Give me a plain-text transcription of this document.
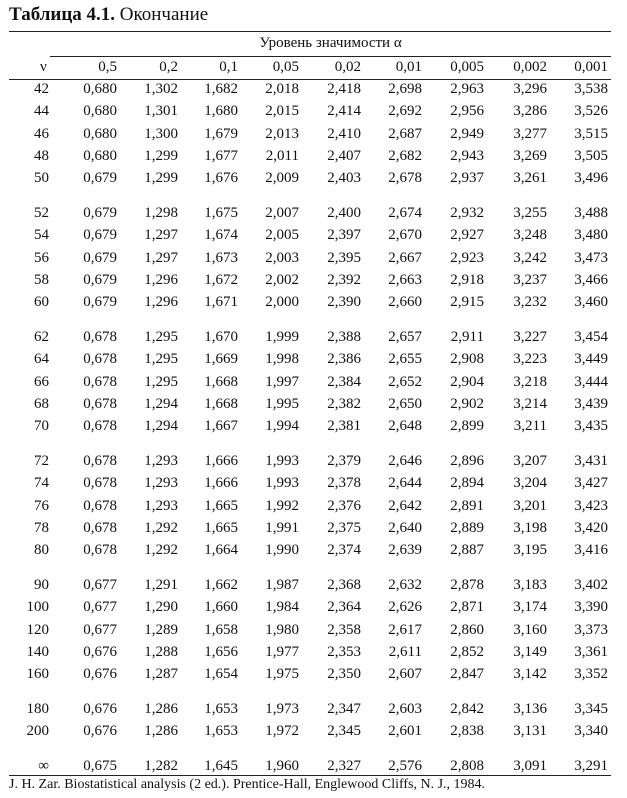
Таблица 4.1. Окончание
Уровень значимости α
ν	0,5	0,2	0,1	0,05	0,02	0,01	0,005	0,002	0,001
42	0,680	1,302	1,682	2,018	2,418	2,698	2,963	3,296	3,538
44	0,680	1,301	1,680	2,015	2,414	2,692	2,956	3,286	3,526
46	0,680	1,300	1,679	2,013	2,410	2,687	2,949	3,277	3,515
48	0,680	1,299	1,677	2,011	2,407	2,682	2,943	3,269	3,505
50	0,679	1,299	1,676	2,009	2,403	2,678	2,937	3,261	3,496
52	0,679	1,298	1,675	2,007	2,400	2,674	2,932	3,255	3,488
54	0,679	1,297	1,674	2,005	2,397	2,670	2,927	3,248	3,480
56	0,679	1,297	1,673	2,003	2,395	2,667	2,923	3,242	3,473
58	0,679	1,296	1,672	2,002	2,392	2,663	2,918	3,237	3,466
60	0,679	1,296	1,671	2,000	2,390	2,660	2,915	3,232	3,460
62	0,678	1,295	1,670	1,999	2,388	2,657	2,911	3,227	3,454
64	0,678	1,295	1,669	1,998	2,386	2,655	2,908	3,223	3,449
66	0,678	1,295	1,668	1,997	2,384	2,652	2,904	3,218	3,444
68	0,678	1,294	1,668	1,995	2,382	2,650	2,902	3,214	3,439
70	0,678	1,294	1,667	1,994	2,381	2,648	2,899	3,211	3,435
72	0,678	1,293	1,666	1,993	2,379	2,646	2,896	3,207	3,431
74	0,678	1,293	1,666	1,993	2,378	2,644	2,894	3,204	3,427
76	0,678	1,293	1,665	1,992	2,376	2,642	2,891	3,201	3,423
78	0,678	1,292	1,665	1,991	2,375	2,640	2,889	3,198	3,420
80	0,678	1,292	1,664	1,990	2,374	2,639	2,887	3,195	3,416
90	0,677	1,291	1,662	1,987	2,368	2,632	2,878	3,183	3,402
100	0,677	1,290	1,660	1,984	2,364	2,626	2,871	3,174	3,390
120	0,677	1,289	1,658	1,980	2,358	2,617	2,860	3,160	3,373
140	0,676	1,288	1,656	1,977	2,353	2,611	2,852	3,149	3,361
160	0,676	1,287	1,654	1,975	2,350	2,607	2,847	3,142	3,352
180	0,676	1,286	1,653	1,973	2,347	2,603	2,842	3,136	3,345
200	0,676	1,286	1,653	1,972	2,345	2,601	2,838	3,131	3,340
∞	0,675	1,282	1,645	1,960	2,327	2,576	2,808	3,091	3,291
J. H. Zar. Biostatistical analysis (2 ed.). Prentice-Hall, Englewood Cliffs, N. J., 1984.
